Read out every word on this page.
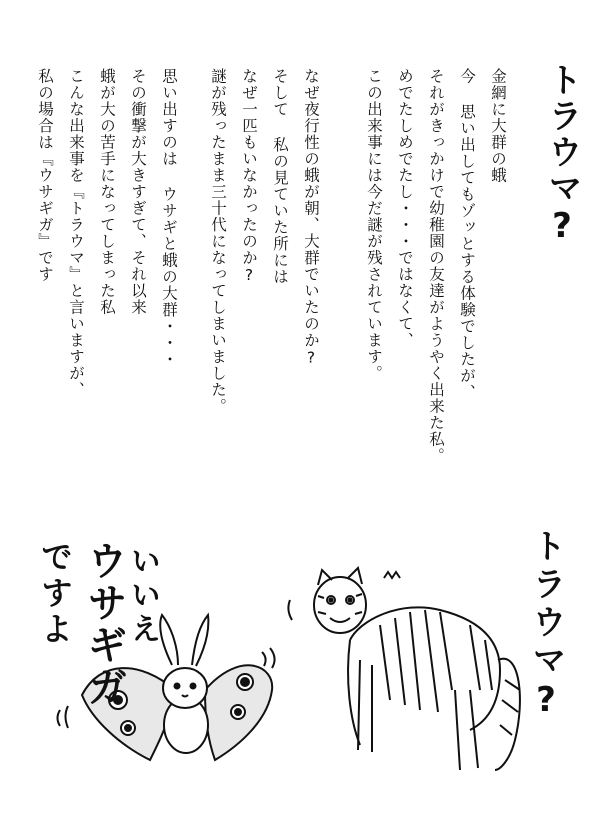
トラウマ?
金網に大群の蛾
今 思い出してもゾッとする体験でしたが、
それがきっかけで幼稚園の友達がようやく出来た私。
めでたしめでたし・・・ではなくて、
この出来事には今だ謎が残されています。
なぜ夜行性の蛾が朝、大群でいたのか?
そして 私の見ていた所には
なぜ一匹もいなかったのか?
謎が残ったまま三十代になってしまいました。
思い出すのは ウサギと蛾の大群・・・
その衝撃が大きすぎて、それ以来
蛾が大の苦手になってしまった私
こんな出来事を『トラウマ』と言いますが、
私の場合は『ウサギガ』です
いいえ
ウサギガ
ですよ	トラウマ?
